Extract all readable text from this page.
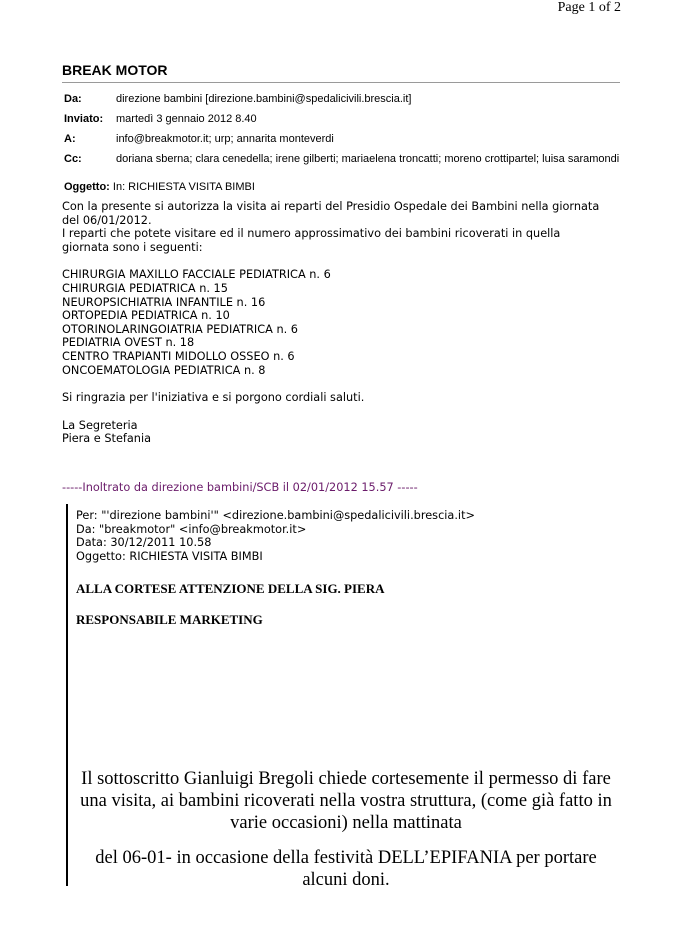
Page 1 of 2
BREAK MOTOR
Da:	direzione bambini [direzione.bambini@spedalicivili.brescia.it]
Inviato:	martedì 3 gennaio 2012 8.40
A:	info@breakmotor.it; urp; annarita monteverdi
Cc:	doriana sberna; clara cenedella; irene gilberti; mariaelena troncatti; moreno crottipartel; luisa saramondi
Oggetto: In: RICHIESTA VISITA BIMBI

Con la presente si autorizza la visita ai reparti del Presidio Ospedale dei Bambini nella giornata

del 06/01/2012.

I reparti che potete visitare ed il numero approssimativo dei bambini ricoverati in quella

giornata sono i seguenti:

CHIRURGIA MAXILLO FACCIALE PEDIATRICA n. 6

CHIRURGIA PEDIATRICA n. 15

NEUROPSICHIATRIA INFANTILE n. 16

ORTOPEDIA PEDIATRICA n. 10

OTORINOLARINGOIATRIA PEDIATRICA n. 6

PEDIATRIA OVEST n. 18

CENTRO TRAPIANTI MIDOLLO OSSEO n. 6

ONCOEMATOLOGIA PEDIATRICA n. 8

Si ringrazia per l'iniziativa e si porgono cordiali saluti.

La Segreteria

Piera e Stefania

-----Inoltrato da direzione bambini/SCB il 02/01/2012 15.57 -----

Per: "'direzione bambini'" <direzione.bambini@spedalicivili.brescia.it>

Da: "breakmotor" <info@breakmotor.it>

Data: 30/12/2011 10.58

Oggetto: RICHIESTA VISITA BIMBI

ALLA CORTESE ATTENZIONE DELLA SIG. PIERA
RESPONSABILE MARKETING

Il sottoscritto Gianluigi Bregoli chiede cortesemente il permesso di fare

una visita, ai bambini ricoverati nella vostra struttura, (come già fatto in

varie occasioni) nella mattinata

del 06-01- in occasione della festività DELL’EPIFANIA per portare

alcuni doni.
